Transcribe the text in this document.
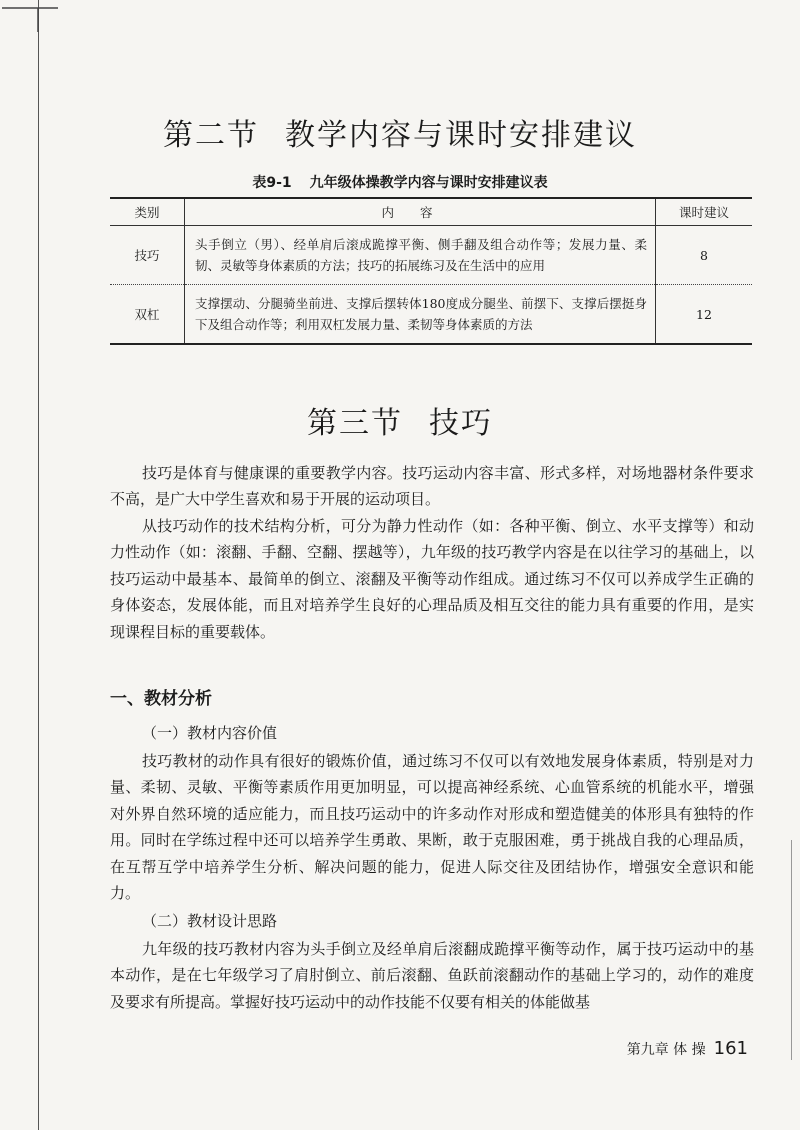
第二节 教学内容与课时安排建议
表9-1 九年级体操教学内容与课时安排建议表
类别	内容	课时建议
技巧	头手倒立（男）、经单肩后滚成跪撑平衡、侧手翻及组合动作等；发展力量、柔韧、灵敏等身体素质的方法；技巧的拓展练习及在生活中的应用	8
双杠	支撑摆动、分腿骑坐前进、支撑后摆转体180度成分腿坐、前摆下、支撑后摆挺身下及组合动作等；利用双杠发展力量、柔韧等身体素质的方法	12
第三节 技巧

技巧是体育与健康课的重要教学内容。技巧运动内容丰富、形式多样，对场地器材条件要求不高，是广大中学生喜欢和易于开展的运动项目。

从技巧动作的技术结构分析，可分为静力性动作（如：各种平衡、倒立、水平支撑等）和动力性动作（如：滚翻、手翻、空翻、摆越等），九年级的技巧教学内容是在以往学习的基础上，以技巧运动中最基本、最简单的倒立、滚翻及平衡等动作组成。通过练习不仅可以养成学生正确的身体姿态，发展体能，而且对培养学生良好的心理品质及相互交往的能力具有重要的作用，是实现课程目标的重要载体。

一、教材分析
（一）教材内容价值

技巧教材的动作具有很好的锻炼价值，通过练习不仅可以有效地发展身体素质，特别是对力量、柔韧、灵敏、平衡等素质作用更加明显，可以提高神经系统、心血管系统的机能水平，增强对外界自然环境的适应能力，而且技巧运动中的许多动作对形成和塑造健美的体形具有独特的作用。同时在学练过程中还可以培养学生勇敢、果断，敢于克服困难，勇于挑战自我的心理品质，在互帮互学中培养学生分析、解决问题的能力，促进人际交往及团结协作，增强安全意识和能力。

（二）教材设计思路

九年级的技巧教材内容为头手倒立及经单肩后滚翻成跪撑平衡等动作，属于技巧运动中的基本动作，是在七年级学习了肩肘倒立、前后滚翻、鱼跃前滚翻动作的基础上学习的，动作的难度及要求有所提高。掌握好技巧运动中的动作技能不仅要有相关的体能做基

第九章 体 操 161
